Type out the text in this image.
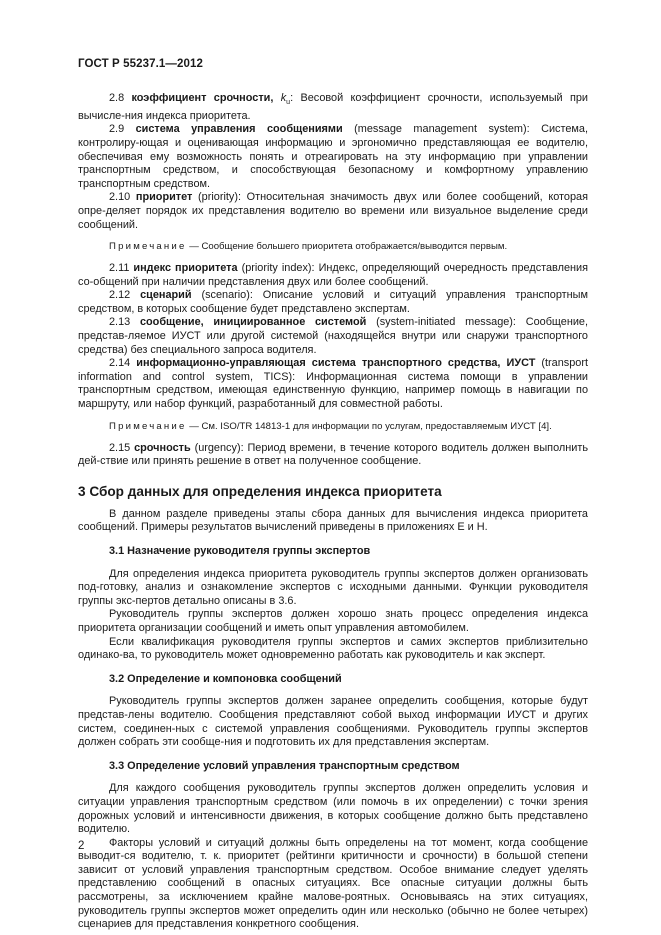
ГОСТ Р 55237.1—2012

2.8 коэффициент срочности, $k_u$: Весовой коэффициент срочности, используемый при вычисле-ния индекса приоритета.

2.9 система управления сообщениями (message management system): Система, контролиру-ющая и оценивающая информацию и эргономично представляющая ее водителю, обеспечивая ему возможность понять и отреагировать на эту информацию при управлении транспортным средством, и способствующая безопасному и комфортному управлению транспортным средством.

2.10 приоритет (priority): Относительная значимость двух или более сообщений, которая опре-деляет порядок их представления водителю во времени или визуальное выделение среди сообщений.

Примечание — Сообщение большего приоритета отображается/выводится первым.

2.11 индекс приоритета (priority index): Индекс, определяющий очередность представления со-общений при наличии представления двух или более сообщений.

2.12 сценарий (scenario): Описание условий и ситуаций управления транспортным средством, в которых сообщение будет представлено экспертам.

2.13 сообщение, инициированное системой (system-initiated message): Сообщение, представ-ляемое ИУСТ или другой системой (находящейся внутри или снаружи транспортного средства) без специального запроса водителя.

2.14 информационно-управляющая система транспортного средства, ИУСТ (transport information and control system, TICS): Информационная система помощи в управлении транспортным средством, имеющая единственную функцию, например помощь в навигации по маршруту, или набор функций, разработанный для совместной работы.

Примечание — См. ISO/TR 14813-1 для информации по услугам, предоставляемым ИУСТ [4].

2.15 срочность (urgency): Период времени, в течение которого водитель должен выполнить дей-ствие или принять решение в ответ на полученное сообщение.

3 Сбор данных для определения индекса приоритета

В данном разделе приведены этапы сбора данных для вычисления индекса приоритета сообщений. Примеры результатов вычислений приведены в приложениях Е и Н.

3.1 Назначение руководителя группы экспертов

Для определения индекса приоритета руководитель группы экспертов должен организовать под-готовку, анализ и ознакомление экспертов с исходными данными. Функции руководителя группы экс-пертов детально описаны в 3.6.

Руководитель группы экспертов должен хорошо знать процесс определения индекса приоритета организации сообщений и иметь опыт управления автомобилем.

Если квалификация руководителя группы экспертов и самих экспертов приблизительно одинако-ва, то руководитель может одновременно работать как руководитель и как эксперт.

3.2 Определение и компоновка сообщений

Руководитель группы экспертов должен заранее определить сообщения, которые будут представ-лены водителю. Сообщения представляют собой выход информации ИУСТ и других систем, соединен-ных с системой управления сообщениями. Руководитель группы экспертов должен собрать эти сообще-ния и подготовить их для представления экспертам.

3.3 Определение условий управления транспортным средством

Для каждого сообщения руководитель группы экспертов должен определить условия и ситуации управления транспортным средством (или помочь в их определении) с точки зрения дорожных условий и интенсивности движения, в которых сообщение должно быть представлено водителю.

Факторы условий и ситуаций должны быть определены на тот момент, когда сообщение выводит-ся водителю, т. к. приоритет (рейтинги критичности и срочности) в большой степени зависит от условий управления транспортным средством. Особое внимание следует уделять представлению сообщений в опасных ситуациях. Все опасные ситуации должны быть рассмотрены, за исключением крайне малове-роятных. Основываясь на этих ситуациях, руководитель группы экспертов может определить один или несколько (обычно не более четырех) сценариев для представления конкретного сообщения.

2
